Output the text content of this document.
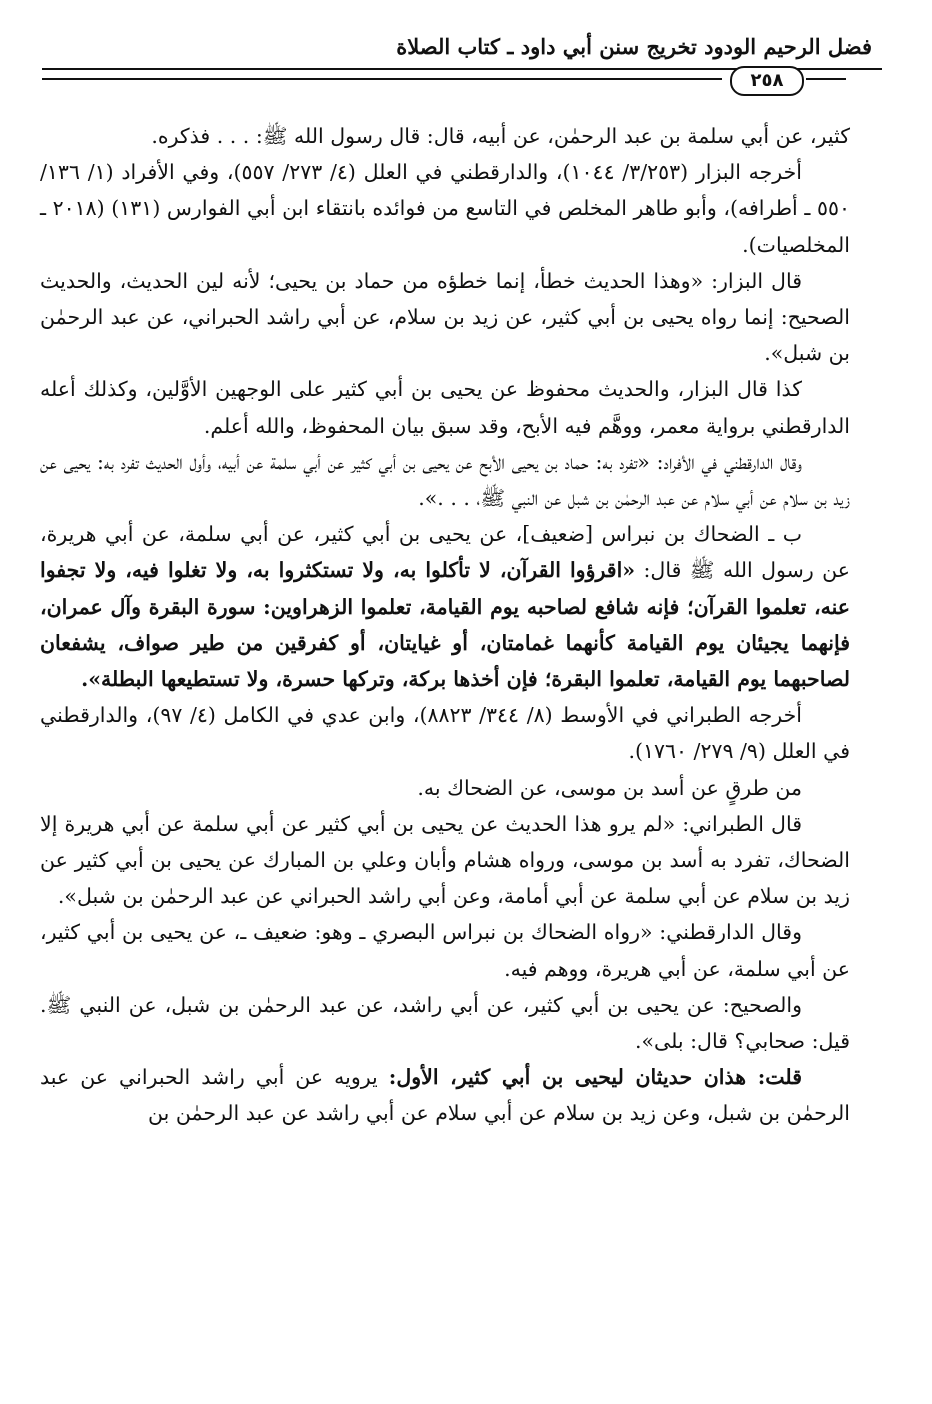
فضل الرحيم الودود تخريج سنن أبي داود ـ كتاب الصلاة
٢٥٨

كثير، عن أبي سلمة بن عبد الرحمٰن، عن أبيه، قال: قال رسول الله ﷺ: . . . فذكره.

أخرجه البزار (٣/٢٥٣/ ١٠٤٤)، والدارقطني في العلل (٤/ ٢٧٣/ ٥٥٧)، وفي الأفراد (١/ ١٣٦/ ٥٥٠ ـ أطرافه)، وأبو طاهر المخلص في التاسع من فوائده بانتقاء ابن أبي الفوارس (١٣١) (٢٠١٨ ـ المخلصيات).

قال البزار: «وهذا الحديث خطأ، إنما خطؤه من حماد بن يحيى؛ لأنه لين الحديث، والحديث الصحيح: إنما رواه يحيى بن أبي كثير، عن زيد بن سلام، عن أبي راشد الحبراني، عن عبد الرحمٰن بن شبل».

كذا قال البزار، والحديث محفوظ عن يحيى بن أبي كثير على الوجهين الأوَّلين، وكذلك أعله الدارقطني برواية معمر، ووهَّم فيه الأبح، وقد سبق بيان المحفوظ، والله أعلم.

وقال الدارقطني في الأفراد: «تفرد به: حماد بن يحيى الأبح عن يحيى بن أبي كثير عن أبي سلمة عن أبيه، وأول الحديث تفرد به: يحيى عن زيد بن سلام عن أبي سلام عن عبد الرحمٰن بن شبل عن النبي ﷺ، . . .».

ب ـ الضحاك بن نبراس [ضعيف]، عن يحيى بن أبي كثير، عن أبي سلمة، عن أبي هريرة، عن رسول الله ﷺ قال: «اقرؤوا القرآن، لا تأكلوا به، ولا تستكثروا به، ولا تغلوا فيه، ولا تجفوا عنه، تعلموا القرآن؛ فإنه شافع لصاحبه يوم القيامة، تعلموا الزهراوين: سورة البقرة وآل عمران، فإنهما يجيئان يوم القيامة كأنهما غمامتان، أو غيايتان، أو كفرقين من طير صواف، يشفعان لصاحبهما يوم القيامة، تعلموا البقرة؛ فإن أخذها بركة، وتركها حسرة، ولا تستطيعها البطلة».

أخرجه الطبراني في الأوسط (٨/ ٣٤٤/ ٨٨٢٣)، وابن عدي في الكامل (٤/ ٩٧)، والدارقطني في العلل (٩/ ٢٧٩/ ١٧٦٠).

من طرقٍ عن أسد بن موسى، عن الضحاك به.

قال الطبراني: «لم يرو هذا الحديث عن يحيى بن أبي كثير عن أبي سلمة عن أبي هريرة إلا الضحاك، تفرد به أسد بن موسى، ورواه هشام وأبان وعلي بن المبارك عن يحيى بن أبي كثير عن زيد بن سلام عن أبي سلمة عن أبي أمامة، وعن أبي راشد الحبراني عن عبد الرحمٰن بن شبل».

وقال الدارقطني: «رواه الضحاك بن نبراس البصري ـ وهو: ضعيف ـ، عن يحيى بن أبي كثير، عن أبي سلمة، عن أبي هريرة، ووهم فيه.

والصحيح: عن يحيى بن أبي كثير، عن أبي راشد، عن عبد الرحمٰن بن شبل، عن النبي ﷺ. قيل: صحابي؟ قال: بلى».

قلت: هذان حديثان ليحيى بن أبي كثير، الأول: يرويه عن أبي راشد الحبراني عن عبد الرحمٰن بن شبل، وعن زيد بن سلام عن أبي سلام عن أبي راشد عن عبد الرحمٰن بن
